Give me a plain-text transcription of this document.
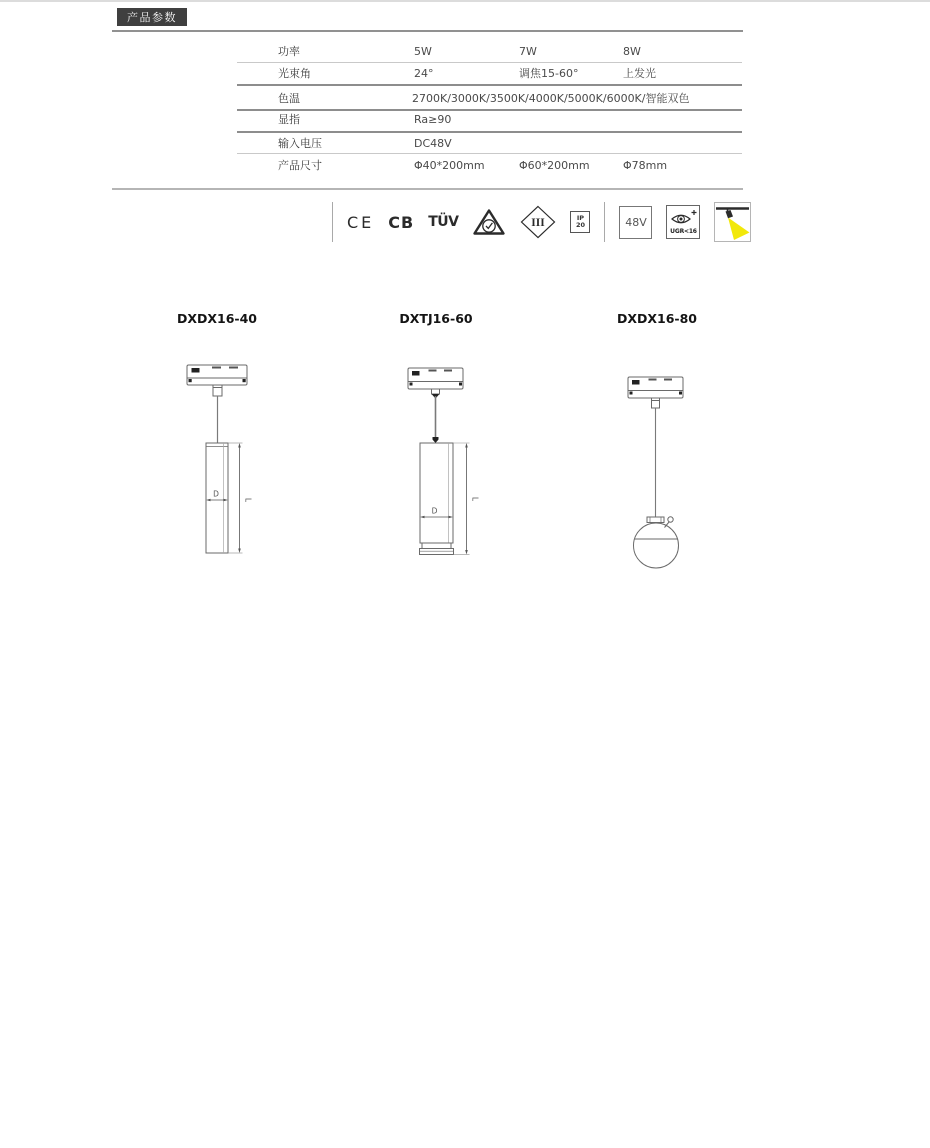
产品参数
功率	5W	7W	8W
光束角	24°	调焦15-60°	上发光
色温	2700K/3000K/3500K/4000K/5000K/6000K/智能双色
显指	Ra≥90
输入电压	DC48V
产品尺寸	Φ40*200mm	Φ60*200mm	Φ78mm
CE CB TÜV	III	IP
20	48V
UGR<16
DXDX16-40	DXTJ16-60	DXDX16-80
D
L
D
L
